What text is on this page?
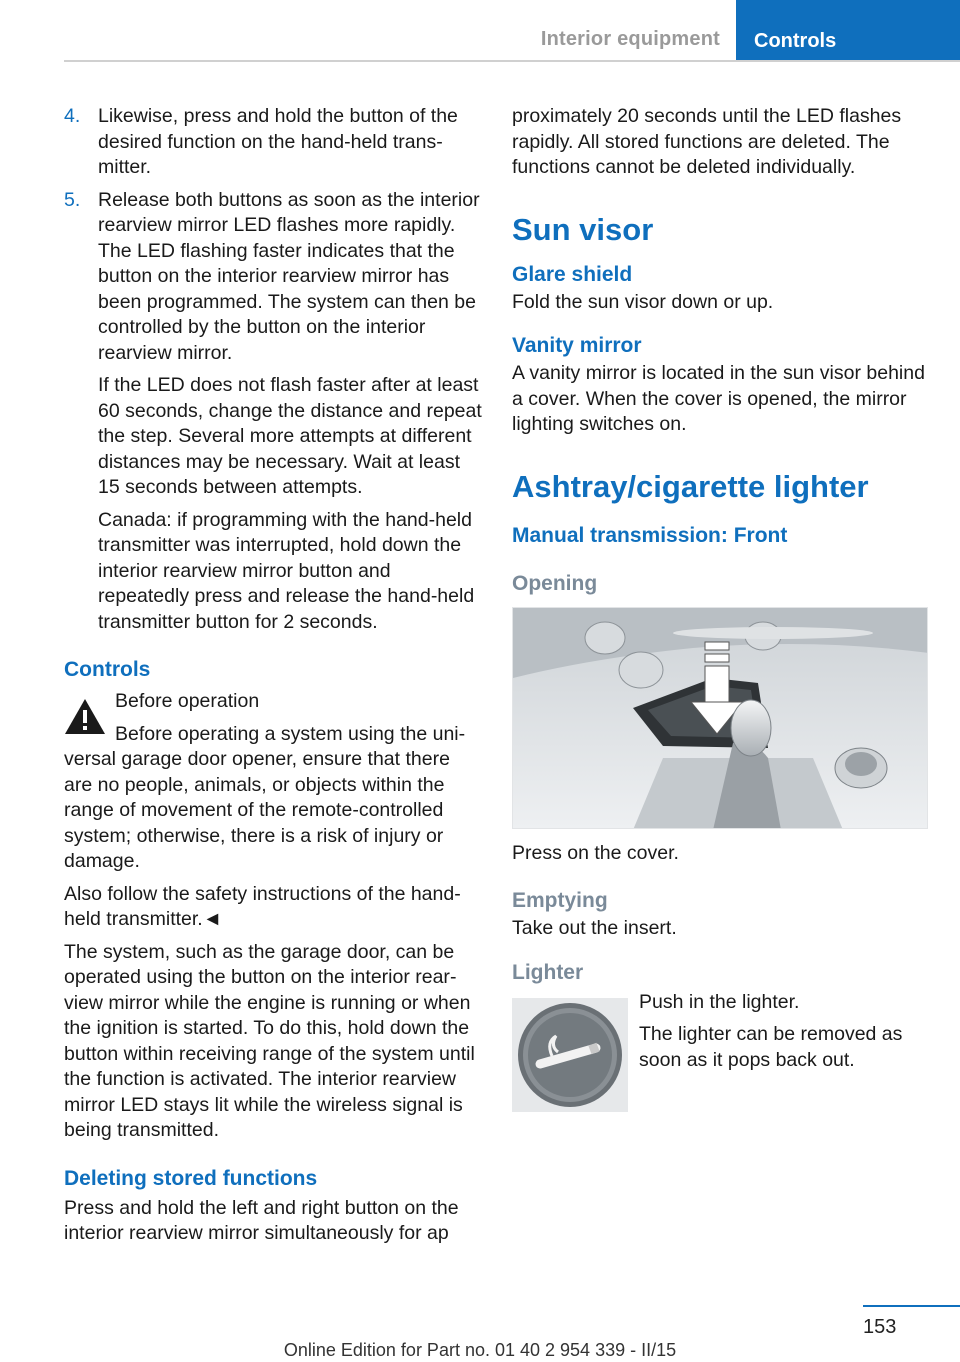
Interior equipment	Controls
4. Likewise, press and hold the button of the desired function on the hand-held transmitter.

5. Release both buttons as soon as the interior rearview mirror LED flashes more rapidly. The LED flashing faster indicates that the button on the interior rearview mirror has been programmed. The system can then be controlled by the button on the interior rearview mirror.

If the LED does not flash faster after at least 60 seconds, change the distance and repeat the step. Several more attempts at different distances may be necessary. Wait at least 15 seconds between attempts.

Canada: if programming with the hand-held transmitter was interrupted, hold down the interior rearview mirror button and repeatedly press and release the hand-held transmitter button for 2 seconds.

Controls

Before operation

Before operating a system using the universal garage door opener, ensure that there are no people, animals, or objects within the range of movement of the remote-controlled system; otherwise, there is a risk of injury or damage.

Also follow the safety instructions of the hand-held transmitter.◄

The system, such as the garage door, can be operated using the button on the interior rearview mirror while the engine is running or when the ignition is started. To do this, hold down the button within receiving range of the system until the function is activated. The interior rearview mirror LED stays lit while the wireless signal is being transmitted.

Deleting stored functions

Press and hold the left and right button on the interior rearview mirror simultaneously for ap

proximately 20 seconds until the LED flashes rapidly. All stored functions are deleted. The functions cannot be deleted individually.

Sun visor
Glare shield

Fold the sun visor down or up.

Vanity mirror

A vanity mirror is located in the sun visor behind a cover. When the cover is opened, the mirror lighting switches on.

Ashtray/cigarette lighter
Manual transmission: Front
Opening

Press on the cover.

Emptying

Take out the insert.

Lighter

Push in the lighter.

The lighter can be removed as soon as it pops back out.

153
Online Edition for Part no. 01 40 2 954 339 - II/15
